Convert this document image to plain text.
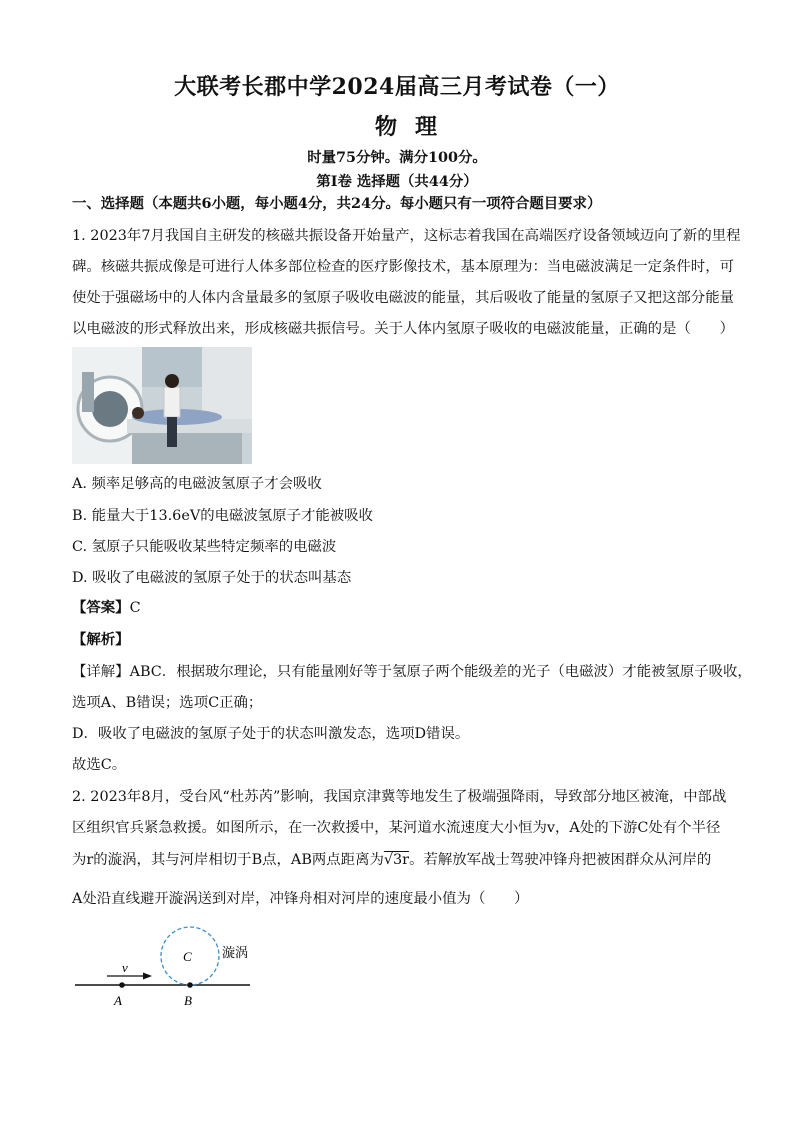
大联考长郡中学2024届高三月考试卷（一）
物理
时量75分钟。满分100分。
第Ⅰ卷 选择题（共44分）
一、选择题（本题共6小题，每小题4分，共24分。每小题只有一项符合题目要求）
1. 2023年7月我国自主研发的核磁共振设备开始量产，这标志着我国在高端医疗设备领域迈向了新的里程
碑。核磁共振成像是可进行人体多部位检查的医疗影像技术，基本原理为：当电磁波满足一定条件时，可
使处于强磁场中的人体内含量最多的氢原子吸收电磁波的能量，其后吸收了能量的氢原子又把这部分能量
以电磁波的形式释放出来，形成核磁共振信号。关于人体内氢原子吸收的电磁波能量，正确的是（　　）
A. 频率足够高的电磁波氢原子才会吸收
B. 能量大于13.6eV的电磁波氢原子才能被吸收
C. 氢原子只能吸收某些特定频率的电磁波
D. 吸收了电磁波的氢原子处于的状态叫基态
【答案】C
【解析】
【详解】ABC．根据玻尔理论，只有能量刚好等于氢原子两个能级差的光子（电磁波）才能被氢原子吸收，
选项A、B错误；选项C正确；
D．吸收了电磁波的氢原子处于的状态叫激发态，选项D错误。
故选C。
2. 2023年8月，受台风“杜苏芮”影响，我国京津冀等地发生了极端强降雨，导致部分地区被淹，中部战
区组织官兵紧急救援。如图所示，在一次救援中，某河道水流速度大小恒为v，A处的下游C处有个半径
为r的漩涡，其与河岸相切于B点，AB两点距离为√3r。若解放军战士驾驶冲锋舟把被困群众从河岸的
A处沿直线避开漩涡送到对岸，冲锋舟相对河岸的速度最小值为（　　）
v
C
A	B
漩涡
